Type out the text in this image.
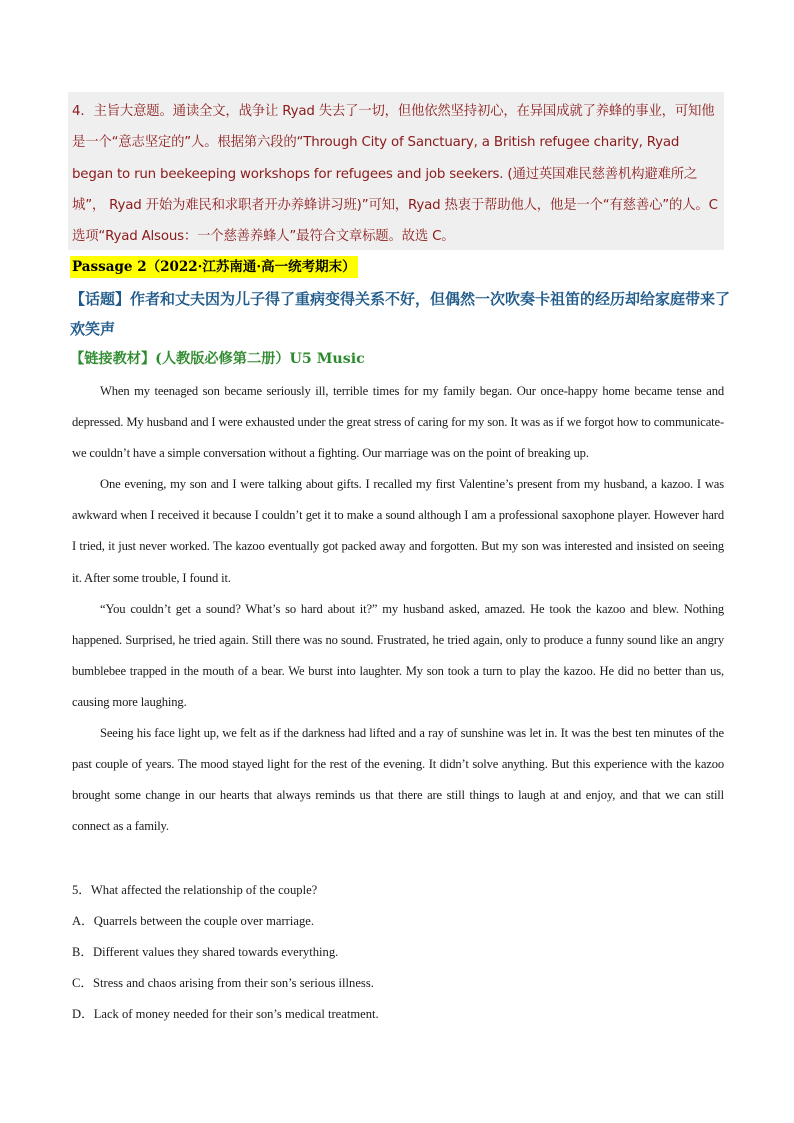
4．主旨大意题。通读全文，战争让 Ryad 失去了一切，但他依然坚持初心，在异国成就了养蜂的事业，可知他是一个“意志坚定的”人。根据第六段的“Through City of Sanctuary, a British refugee charity, Ryad began to run beekeeping workshops for refugees and job seekers. (通过英国难民慈善机构避难所之城”， Ryad 开始为难民和求职者开办养蜂讲习班)”可知，Ryad 热衷于帮助他人，他是一个“有慈善心”的人。C 选项“Ryad Alsous：一个慈善养蜂人”最符合文章标题。故选 C。
Passage 2（2022·江苏南通·高一统考期末）
【话题】作者和丈夫因为儿子得了重病变得关系不好，但偶然一次吹奏卡祖笛的经历却给家庭带来了欢笑声
【链接教材】(人教版必修第二册）U5 Music

When my teenaged son became seriously ill, terrible times for my family began. Our once-happy home became tense and depressed. My husband and I were exhausted under the great stress of caring for my son. It was as if we forgot how to communicate-we couldn’t have a simple conversation without a fighting. Our marriage was on the point of breaking up.

One evening, my son and I were talking about gifts. I recalled my first Valentine’s present from my husband, a kazoo. I was awkward when I received it because I couldn’t get it to make a sound although I am a professional saxophone player. However hard I tried, it just never worked. The kazoo eventually got packed away and forgotten. But my son was interested and insisted on seeing it. After some trouble, I found it.

“You couldn’t get a sound? What’s so hard about it?” my husband asked, amazed. He took the kazoo and blew. Nothing happened. Surprised, he tried again. Still there was no sound. Frustrated, he tried again, only to produce a funny sound like an angry bumblebee trapped in the mouth of a bear. We burst into laughter. My son took a turn to play the kazoo. He did no better than us, causing more laughing.

Seeing his face light up, we felt as if the darkness had lifted and a ray of sunshine was let in. It was the best ten minutes of the past couple of years. The mood stayed light for the rest of the evening. It didn’t solve anything. But this experience with the kazoo brought some change in our hearts that always reminds us that there are still things to laugh at and enjoy, and that we can still connect as a family.

5．What affected the relationship of the couple?
A．Quarrels between the couple over marriage.
B．Different values they shared towards everything.
C．Stress and chaos arising from their son’s serious illness.
D．Lack of money needed for their son’s medical treatment.
